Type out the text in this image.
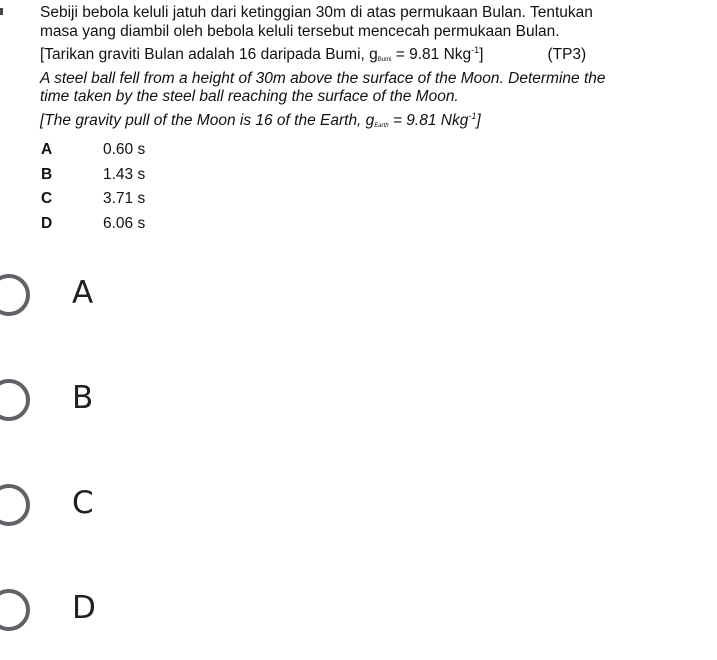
Sebiji bebola keluli jatuh dari ketinggian 30m di atas permukaan Bulan. Tentukan
masa yang diambil oleh bebola keluli tersebut mencecah permukaan Bulan.
[Tarikan graviti Bulan adalah 16 daripada Bumi, $g_{Bumi} = 9.81$ Nkg$^{-1}$]	(TP3)
A steel ball fell from a height of 30m above the surface of the Moon. Determine the
time taken by the steel ball reaching the surface of the Moon.
[The gravity pull of the Moon is 16 of the Earth, $g_{Earth} = 9.81$ Nkg$^{-1}$]
A	0.60 s
B	1.43 s
C	3.71 s
D	6.06 s
A
B
C
D
